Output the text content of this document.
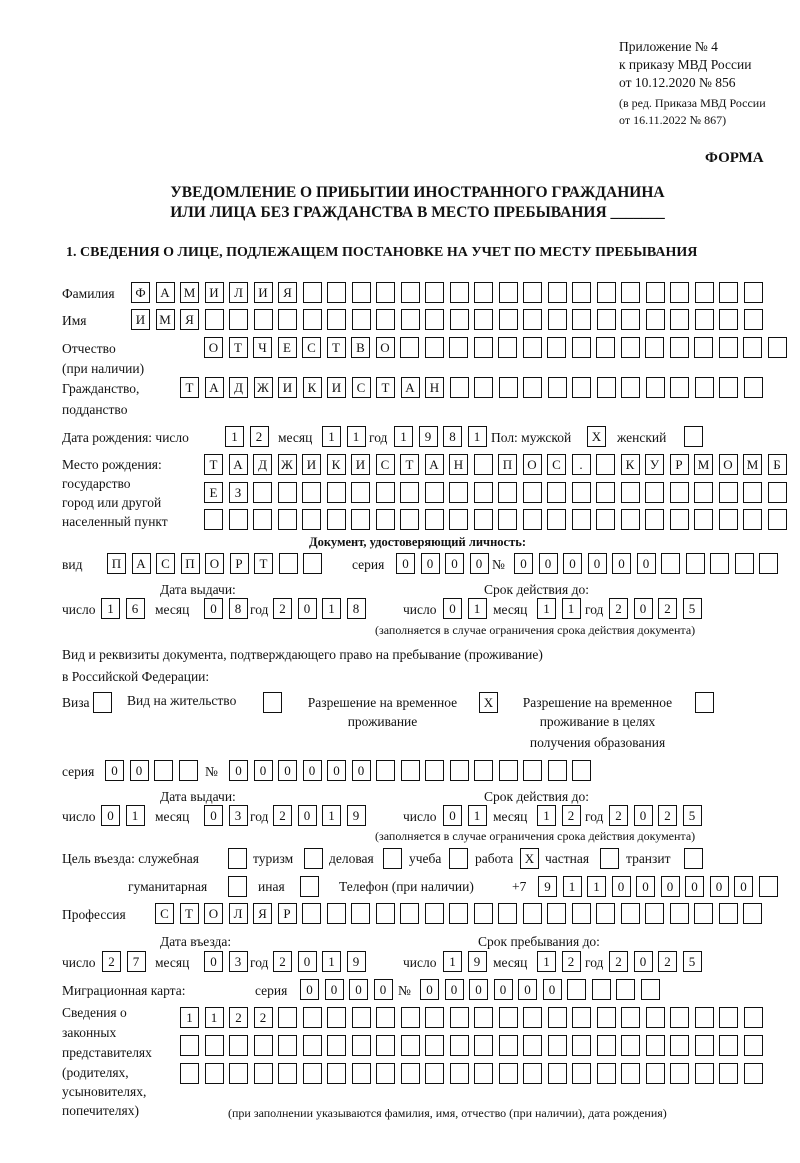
Приложение № 4
к приказу МВД России
от 10.12.2020 № 856
(в ред. Приказа МВД России
от 16.11.2022 № 867)
ФОРМА
УВЕДОМЛЕНИЕ О ПРИБЫТИИ ИНОСТРАННОГО ГРАЖДАНИНА
ИЛИ ЛИЦА БЕЗ ГРАЖДАНСТВА В МЕСТО ПРЕБЫВАНИЯ _______
1. СВЕДЕНИЯ О ЛИЦЕ, ПОДЛЕЖАЩЕМ ПОСТАНОВКЕ НА УЧЕТ ПО МЕСТУ ПРЕБЫВАНИЯ
Фамилия	Ф	А	М	И	Л	И	Я
Имя	И	М	Я
Отчество
(при наличии)
О	Т	Ч	Е	С	Т	В	О
Гражданство,
подданство
Т	А	Д	Ж	И	К	И	С	Т	А	Н
Дата рождения: число	1	2	месяц	1	1 год 1	9	8	1 Пол: мужской	X	женский
Место рождения:
государство
город или другой
населенный пункт
Т	А	Д	Ж	И	К	И	С	Т	А	Н	П	О	С	.	К	У	Р	М	О	М	Б
Е	З
Документ, удостоверяющий личность:
вид	П	А	С	П	О	Р	Т	серия	0	0	0	0 №	0	0	0	0	0	0
Дата выдачи:	Срок действия до:
число 1	6	месяц	0	8 год 2	0	1	8	число 0	1 месяц	1	1 год 2	0	2	5
(заполняется в случае ограничения срока действия документа)
Вид и реквизиты документа, подтверждающего право на пребывание (проживание)
в Российской Федерации:
Виза	Вид на жительство	Разрешение на временное
проживание
X	Разрешение на временное
проживание в целях
получения образования
серия	0	0	№	0	0	0	0	0	0
Дата выдачи:	Срок действия до:
число 0	1	месяц	0	3 год 2	0	1	9	число 0	1 месяц	1	2 год 2	0	2	5
(заполняется в случае ограничения срока действия документа)
Цель въезда: служебная	туризм	деловая	учеба работа X частная	транзит
гуманитарная	иная	Телефон (при наличии)	+7	9	1	1	0	0	0	0	0	0
Профессия	С	Т	О	Л	Я	Р
Дата въезда:	Срок пребывания до:
число 2	7	месяц	0	3 год 2	0	1	9	число 1	9 месяц	1	2 год 2	0	2	5
Миграционная карта:	серия	0	0	0	0 №	0	0	0	0	0	0
Сведения о
законных
представителях
(родителях,
усыновителях,
попечителях)
1	1	2	2
(при заполнении указываются фамилия, имя, отчество (при наличии), дата рождения)
